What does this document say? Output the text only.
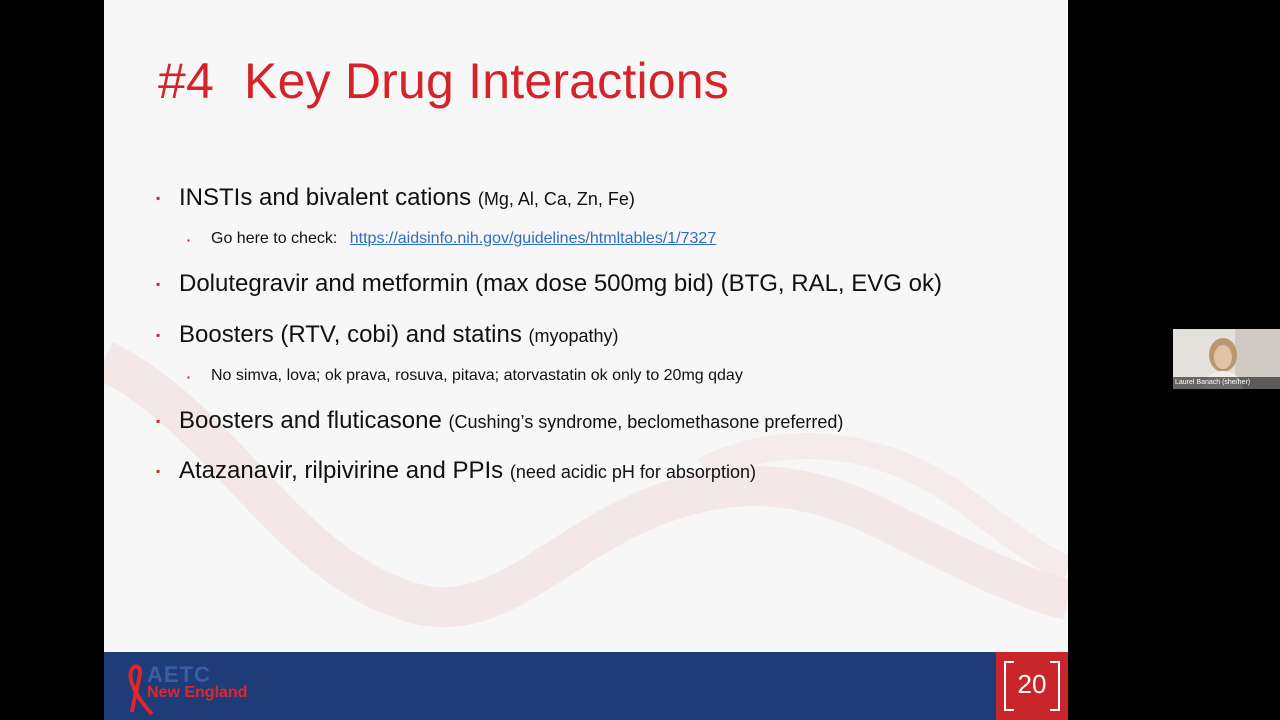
#4 Key Drug Interactions
▪ INSTIs and bivalent cations (Mg, Al, Ca, Zn, Fe)
▪ Go here to check: https://aidsinfo.nih.gov/guidelines/htmltables/1/7327
▪ Dolutegravir and metformin (max dose 500mg bid) (BTG, RAL, EVG ok)
▪ Boosters (RTV, cobi) and statins (myopathy)
▪ No simva, lova; ok prava, rosuva, pitava; atorvastatin ok only to 20mg qday
▪ Boosters and fluticasone (Cushing’s syndrome, beclomethasone preferred)
▪ Atazanavir, rilpivirine and PPIs (need acidic pH for absorption)
AETC
New England	20
Laurel Banach (she/her)
